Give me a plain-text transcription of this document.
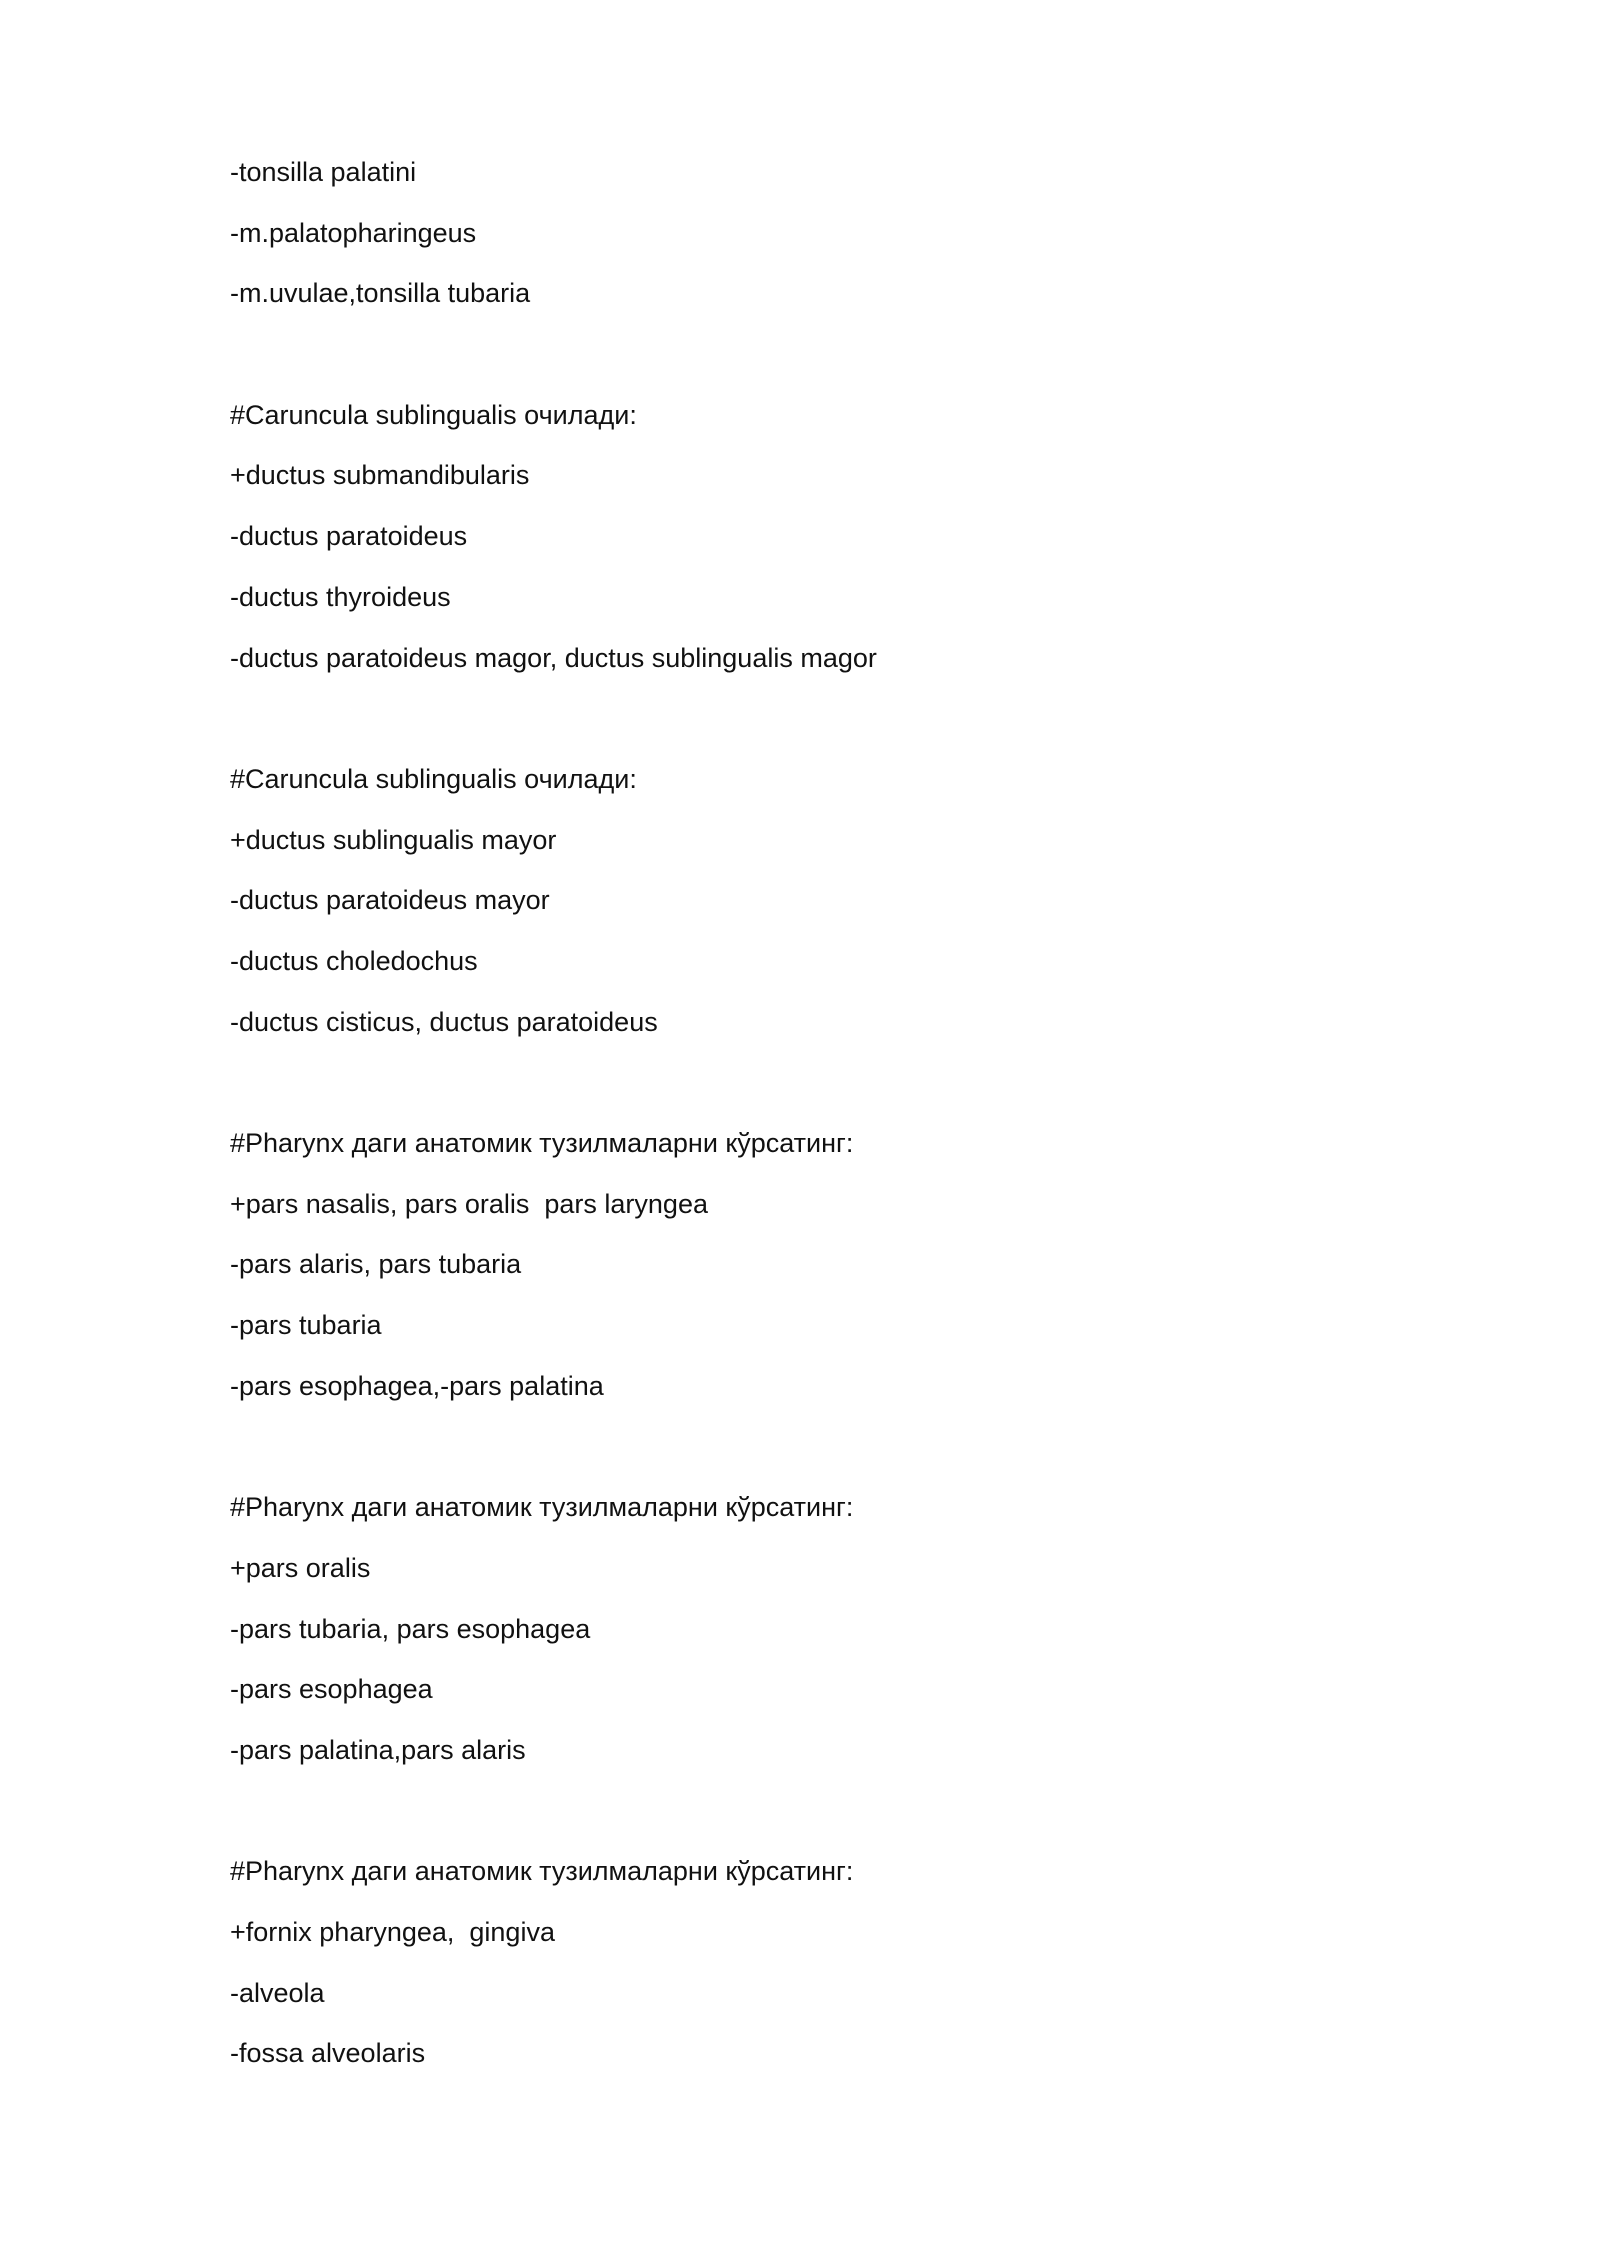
-tonsilla palatini
-m.palatopharingeus
-m.uvulae,tonsilla tubaria
#Caruncula sublingualis очилади:
+ductus submandibularis
-ductus paratoideus
-ductus thyroideus
-ductus paratoideus magor, ductus sublingualis magor
#Caruncula sublingualis очилади:
+ductus sublingualis mayor
-ductus paratoideus mayor
-ductus choledochus
-ductus cisticus, ductus paratoideus
#Pharynx даги анатомик тузилмаларни кўрсатинг:
+pars nasalis, pars oralis  pars laryngea
-pars alaris, pars tubaria
-pars tubaria
-pars esophagea,-pars palatina
#Pharynx даги анатомик тузилмаларни кўрсатинг:
+pars oralis
-pars tubaria, pars esophagea
-pars esophagea
-pars palatina,pars alaris
#Pharynx даги анатомик тузилмаларни кўрсатинг:
+fornix pharyngea,  gingiva
-alveola
-fossa alveolaris
